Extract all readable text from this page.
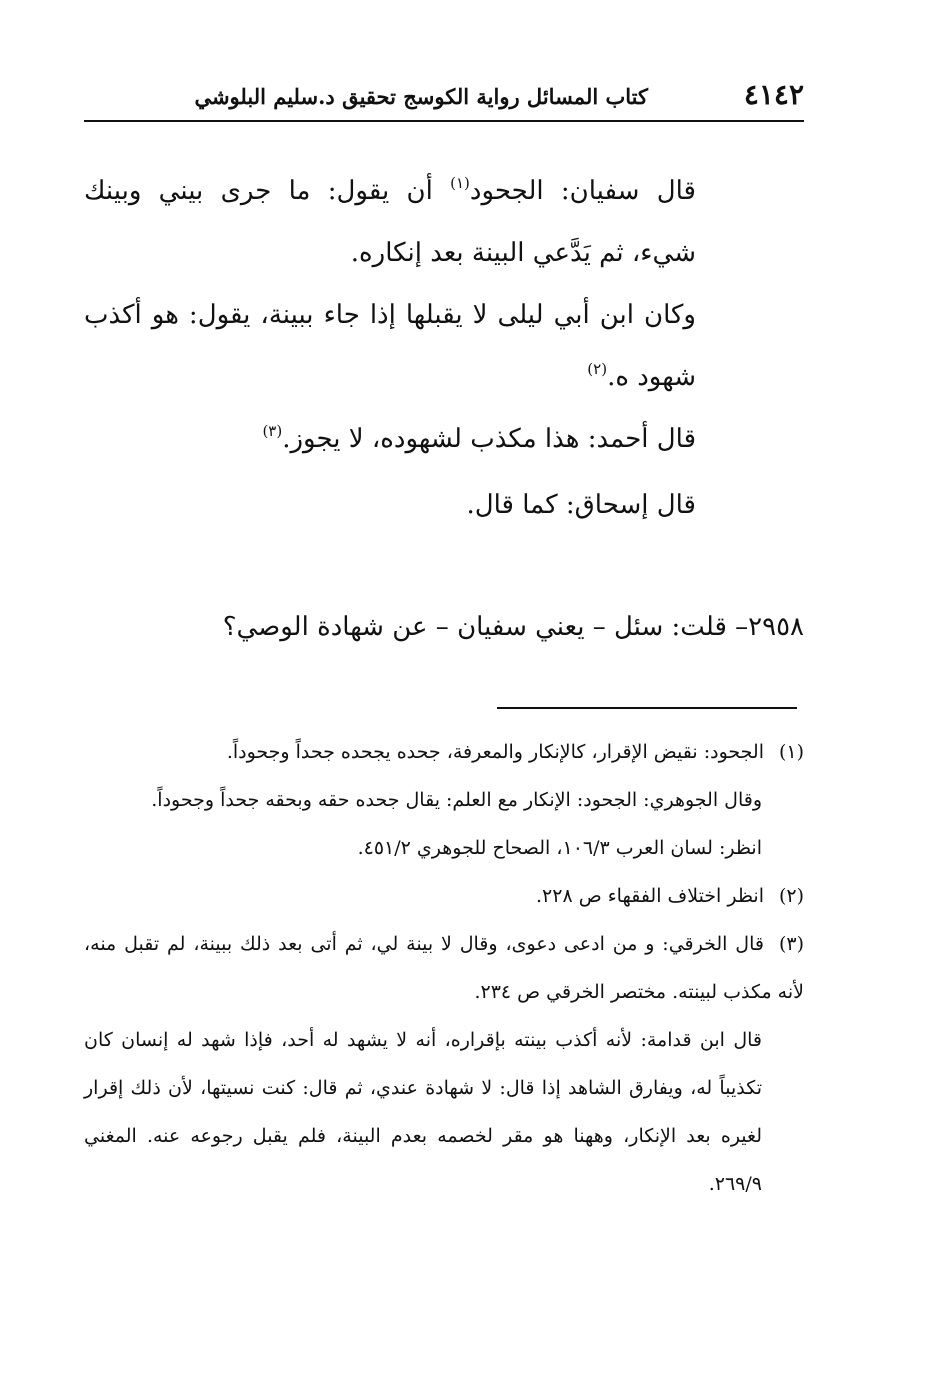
٤١٤٢
كتاب المسائل رواية الكوسج تحقيق د.سليم البلوشي

قال سفيان: الجحود$^{(١)}$ أن يقول: ما جرى بيني وبينك شيء، ثم يَدَّعي البينة بعد إنكاره.

وكان ابن أبي ليلى لا يقبلها إذا جاء ببينة، يقول: هو أكذب شهود ه.$^{(٢)}$

قال أحمد: هذا مكذب لشهوده، لا يجوز.$^{(٣)}$

قال إسحاق: كما قال.

٢٩٥٨– قلت: سئل – يعني سفيان – عن شهادة الوصي؟

(١)الجحود: نقيض الإقرار، كالإنكار والمعرفة، جحده يجحده جحداً وجحوداً.

وقال الجوهري: الجحود: الإنكار مع العلم: يقال جحده حقه وبحقه جحداً وجحوداً.

انظر: لسان العرب ١٠٦/٣، الصحاح للجوهري ٤٥١/٢.

(٢)انظر اختلاف الفقهاء ص ٢٢٨.

(٣)قال الخرقي: و من ادعى دعوى، وقال لا بينة لي، ثم أتى بعد ذلك ببينة، لم تقبل منه، لأنه مكذب لبينته. مختصر الخرقي ص ٢٣٤.

قال ابن قدامة: لأنه أكذب بينته بإقراره، أنه لا يشهد له أحد، فإذا شهد له إنسان كان تكذيباً له، ويفارق الشاهد إذا قال: لا شهادة عندي، ثم قال: كنت نسيتها، لأن ذلك إقرار لغيره بعد الإنكار، وههنا هو مقر لخصمه بعدم البينة، فلم يقبل رجوعه عنه. المغني ٢٦٩/٩.
